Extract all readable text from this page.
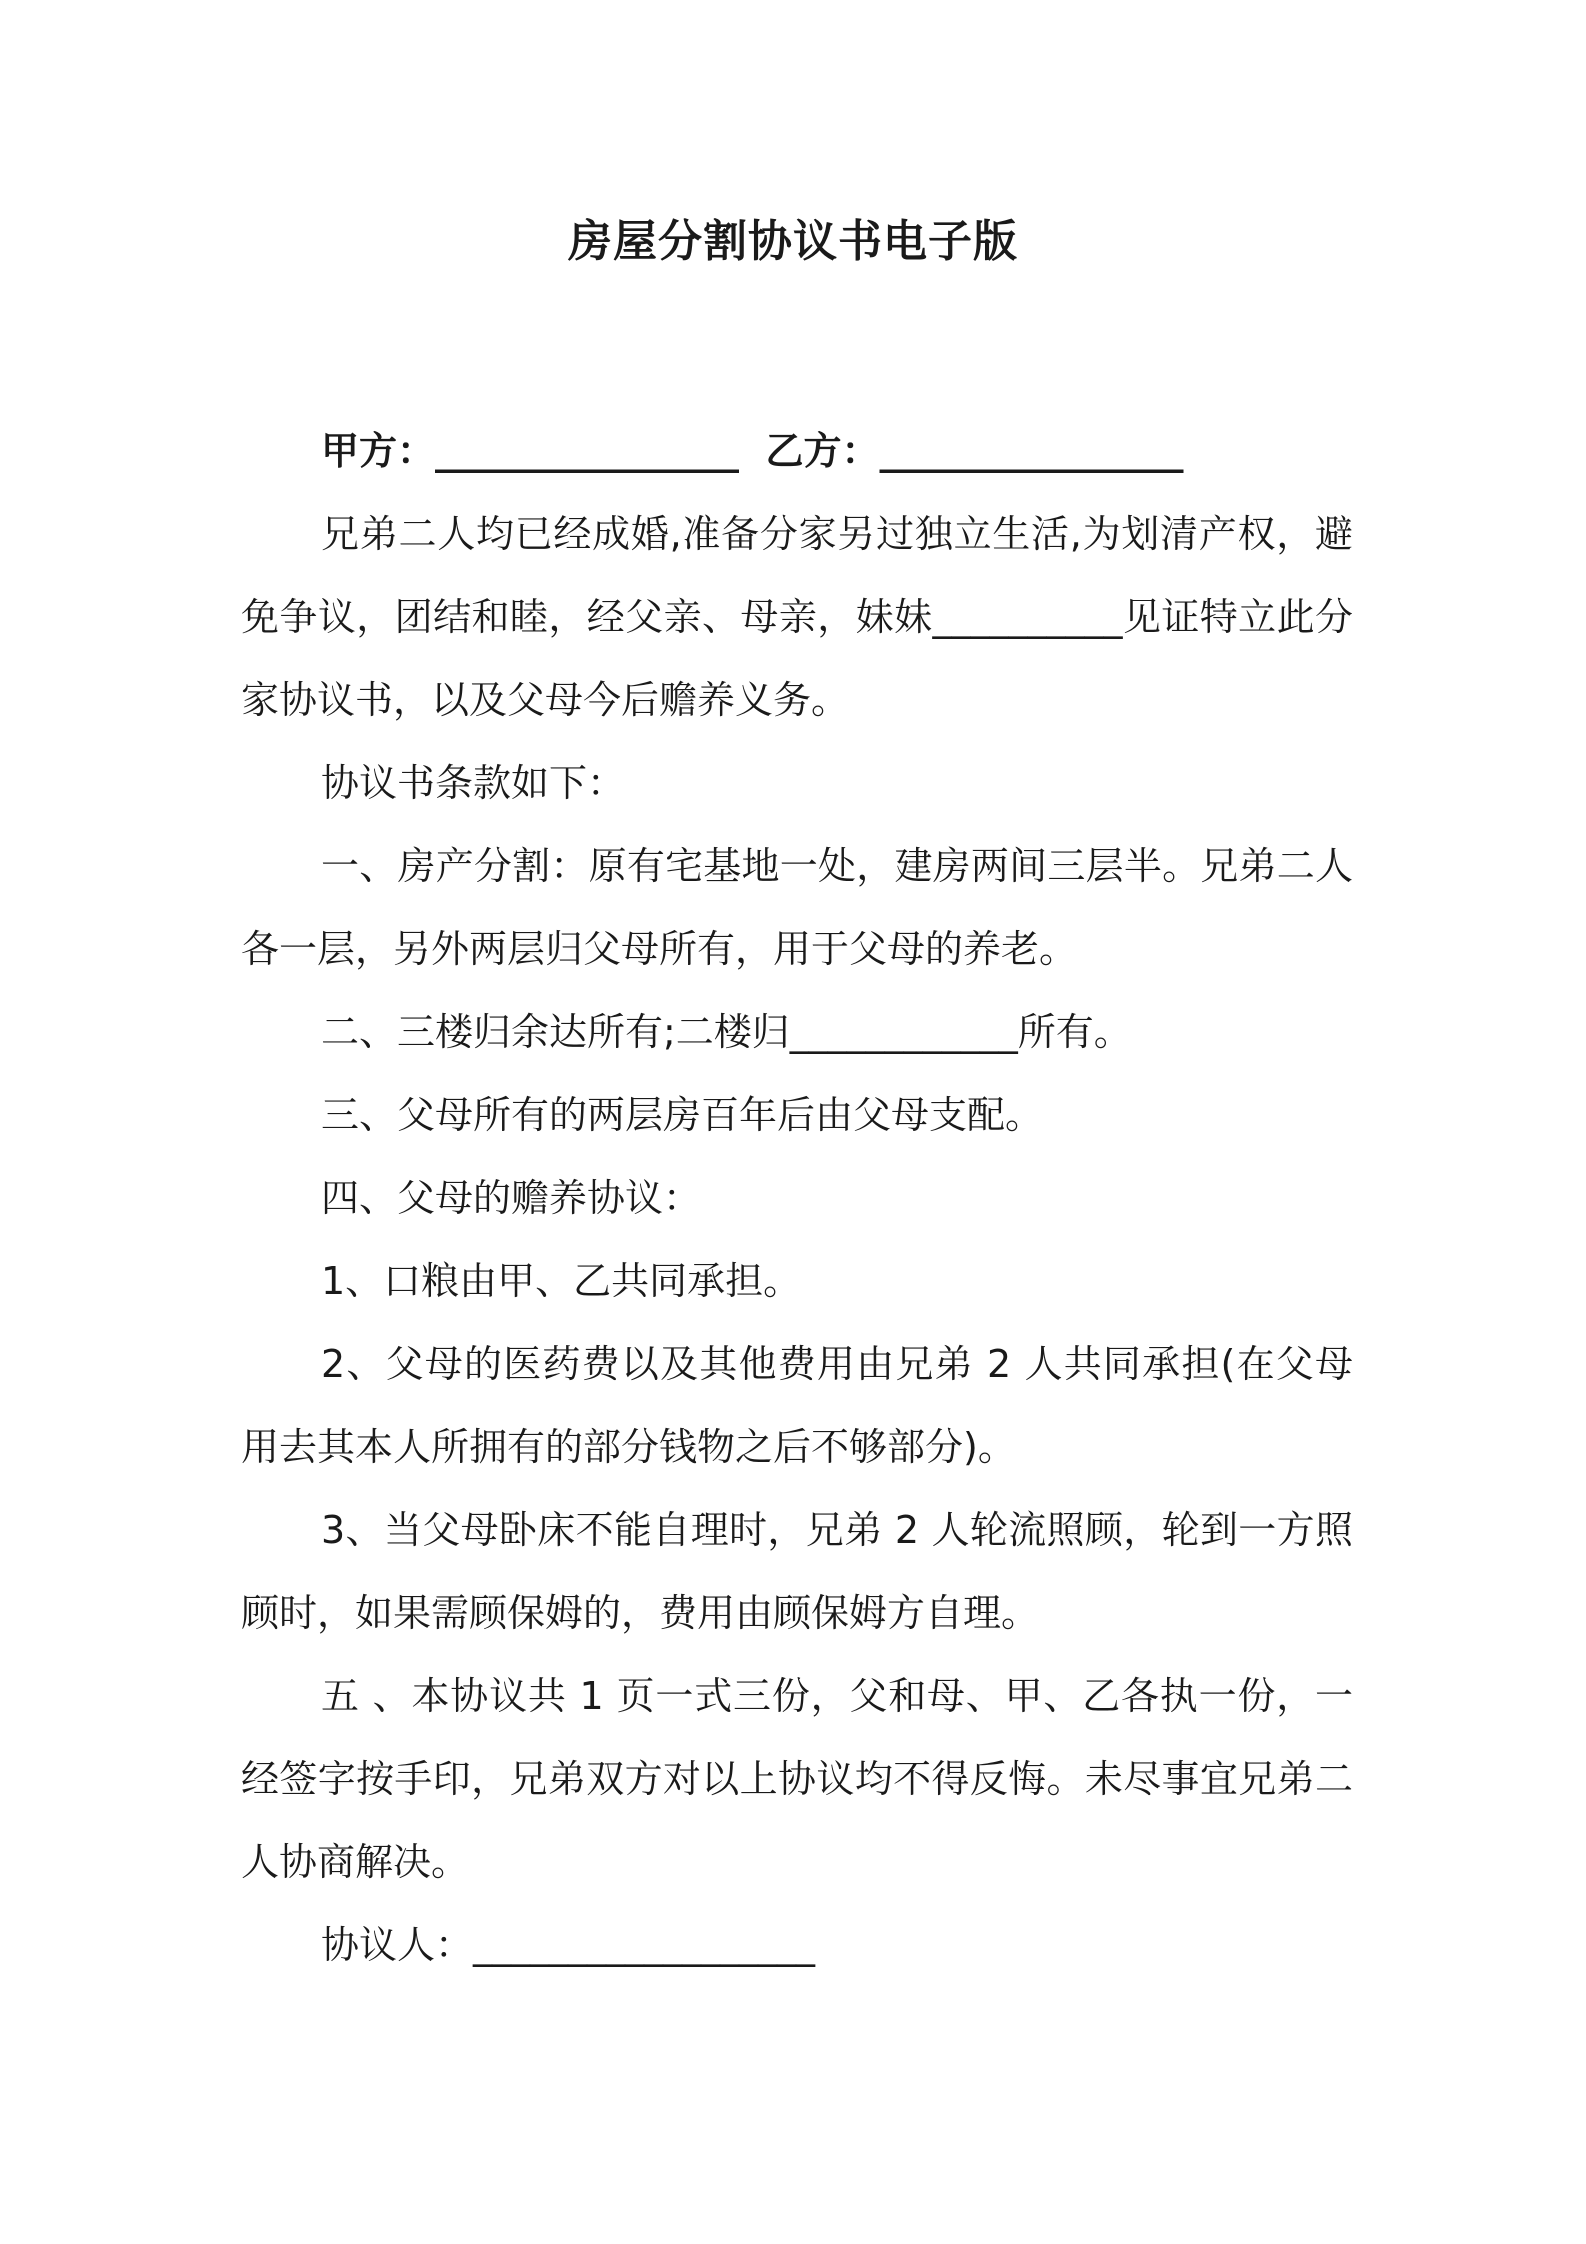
房屋分割协议书电子版

甲方：________________  乙方：________________

兄弟二人均已经成婚,准备分家另过独立生活,为划清产权，避免争议，团结和睦，经父亲、母亲，妹妹__________见证特立此分家协议书，以及父母今后赡养义务。

协议书条款如下：

一、房产分割：原有宅基地一处，建房两间三层半。兄弟二人各一层，另外两层归父母所有，用于父母的养老。

二、三楼归余达所有;二楼归____________所有。

三、父母所有的两层房百年后由父母支配。

四、父母的赡养协议：

1、口粮由甲、乙共同承担。

2、父母的医药费以及其他费用由兄弟 2 人共同承担(在父母用去其本人所拥有的部分钱物之后不够部分)。

3、当父母卧床不能自理时，兄弟 2 人轮流照顾，轮到一方照顾时，如果需顾保姆的，费用由顾保姆方自理。

五 、本协议共 1 页一式三份，父和母、甲、乙各执一份，一经签字按手印，兄弟双方对以上协议均不得反悔。未尽事宜兄弟二人协商解决。

协议人：__________________
